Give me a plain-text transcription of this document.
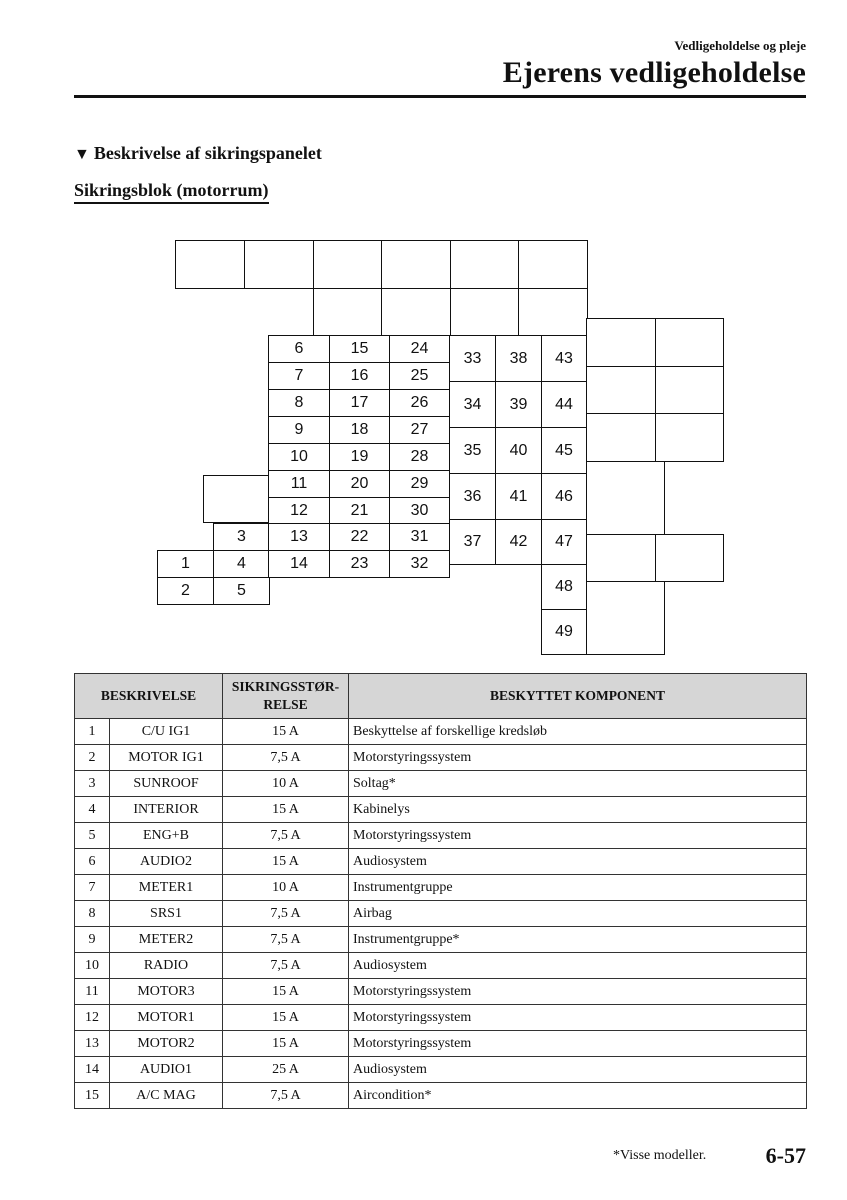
Vedligeholdelse og pleje
Ejerens vedligeholdelse
▼ Beskrivelse af sikringspanelet
Sikringsblok (motorrum)
1
2
3
4
5
6
7
8
9
10
11
12
13
14
15
16
17
18
19
20
21
22
23
24
25
26
27
28
29
30
31
32
33
34
35
36
37
38
39
40
41
42
43
44
45
46
47
48
49
BESKRIVELSE		SIKRINGSSTØR-
RELSE	BESKYTTET KOMPONENT
1	C/U IG1	15 A	Beskyttelse af forskellige kredsløb
2	MOTOR IG1	7,5 A	Motorstyringssystem
3	SUNROOF	10 A	Soltag*
4	INTERIOR	15 A	Kabinelys
5	ENG+B	7,5 A	Motorstyringssystem
6	AUDIO2	15 A	Audiosystem
7	METER1	10 A	Instrumentgruppe
8	SRS1	7,5 A	Airbag
9	METER2	7,5 A	Instrumentgruppe*
10	RADIO	7,5 A	Audiosystem
11	MOTOR3	15 A	Motorstyringssystem
12	MOTOR1	15 A	Motorstyringssystem
13	MOTOR2	15 A	Motorstyringssystem
14	AUDIO1	25 A	Audiosystem
15	A/C MAG	7,5 A	Aircondition*
*Visse modeller.	6-57
